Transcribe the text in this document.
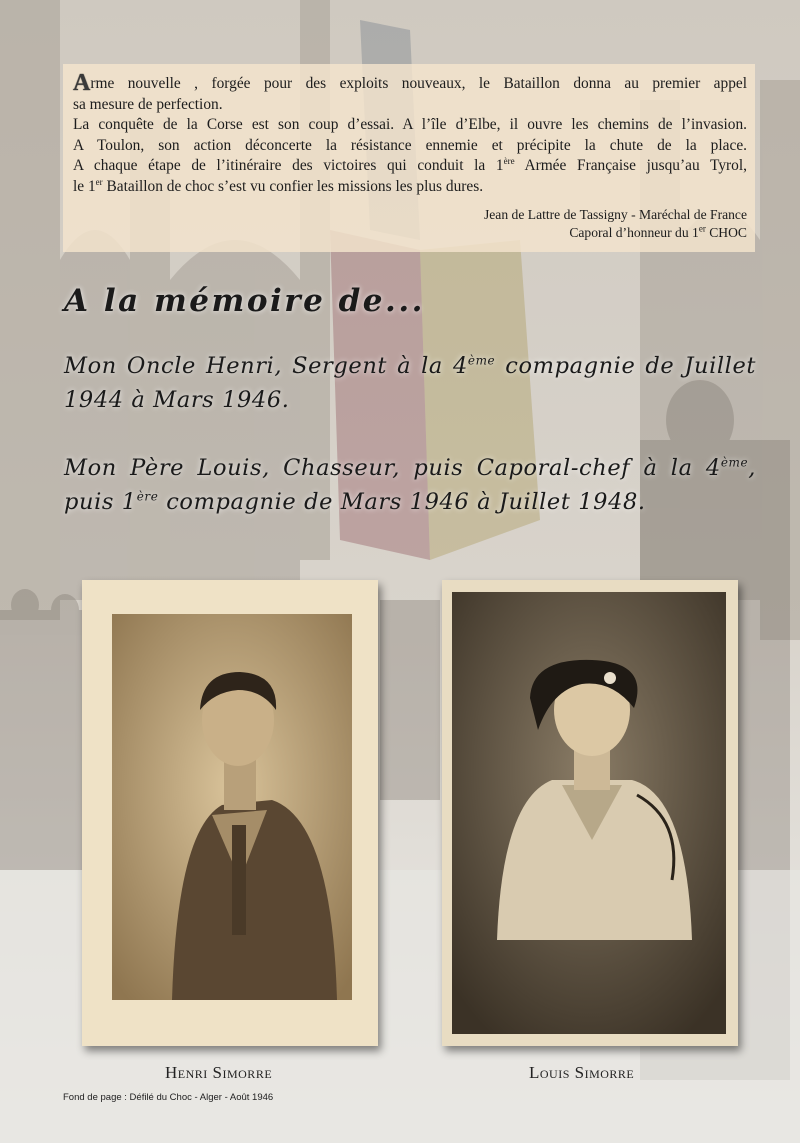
Arme nouvelle , forgée pour des exploits nouveaux, le Bataillon donna au premier appel
sa mesure de perfection.
La conquête de la Corse est son coup d’essai. A l’île d’Elbe, il ouvre les chemins de l’invasion.
A Toulon, son action déconcerte la résistance ennemie et précipite la chute de la place.
A chaque étape de l’itinéraire des victoires qui conduit la 1ère Armée Française jusqu’au Tyrol,
le 1er Bataillon de choc s’est vu confier les missions les plus dures.
Jean de Lattre de Tassigny - Maréchal de France
Caporal d’honneur du 1er CHOC
A la mémoire de...
Mon Oncle Henri, Sergent à la 4ème compagnie de Juillet 1944 à Mars 1946.
Mon Père Louis, Chasseur, puis Caporal-chef à la 4ème, puis 1ère compagnie de Mars 1946 à Juillet 1948.
Henri Simorre	Louis Simorre
Fond de page : Défilé du Choc - Alger - Août 1946
